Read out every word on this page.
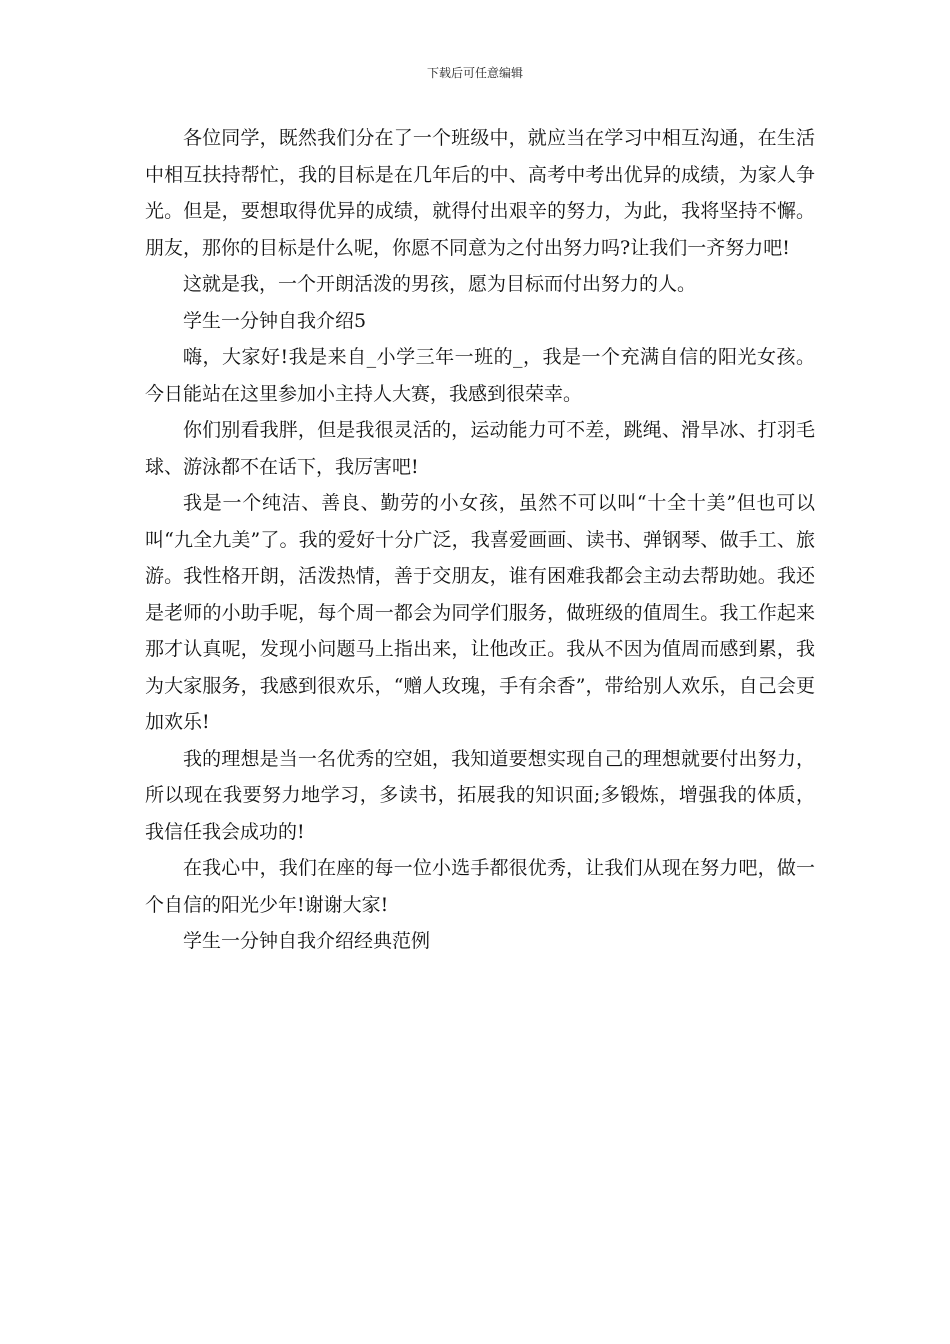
下载后可任意编辑

各位同学，既然我们分在了一个班级中，就应当在学习中相互沟通，在生活中相互扶持帮忙，我的目标是在几年后的中、高考中考出优异的成绩，为家人争光。但是，要想取得优异的成绩，就得付出艰辛的努力，为此，我将坚持不懈。朋友，那你的目标是什么呢，你愿不同意为之付出努力吗?让我们一齐努力吧!

这就是我，一个开朗活泼的男孩，愿为目标而付出努力的人。

学生一分钟自我介绍5

嗨，大家好!我是来自_小学三年一班的_，我是一个充满自信的阳光女孩。今日能站在这里参加小主持人大赛，我感到很荣幸。

你们别看我胖，但是我很灵活的，运动能力可不差，跳绳、滑旱冰、打羽毛球、游泳都不在话下，我厉害吧!

我是一个纯洁、善良、勤劳的小女孩，虽然不可以叫“十全十美”但也可以叫“九全九美”了。我的爱好十分广泛，我喜爱画画、读书、弹钢琴、做手工、旅游。我性格开朗，活泼热情，善于交朋友，谁有困难我都会主动去帮助她。我还是老师的小助手呢，每个周一都会为同学们服务，做班级的值周生。我工作起来那才认真呢，发现小问题马上指出来，让他改正。我从不因为值周而感到累，我为大家服务，我感到很欢乐，“赠人玫瑰，手有余香”，带给别人欢乐，自己会更加欢乐!

我的理想是当一名优秀的空姐，我知道要想实现自己的理想就要付出努力，所以现在我要努力地学习，多读书，拓展我的知识面;多锻炼，增强我的体质，我信任我会成功的!

在我心中，我们在座的每一位小选手都很优秀，让我们从现在努力吧，做一个自信的阳光少年!谢谢大家!

学生一分钟自我介绍经典范例
